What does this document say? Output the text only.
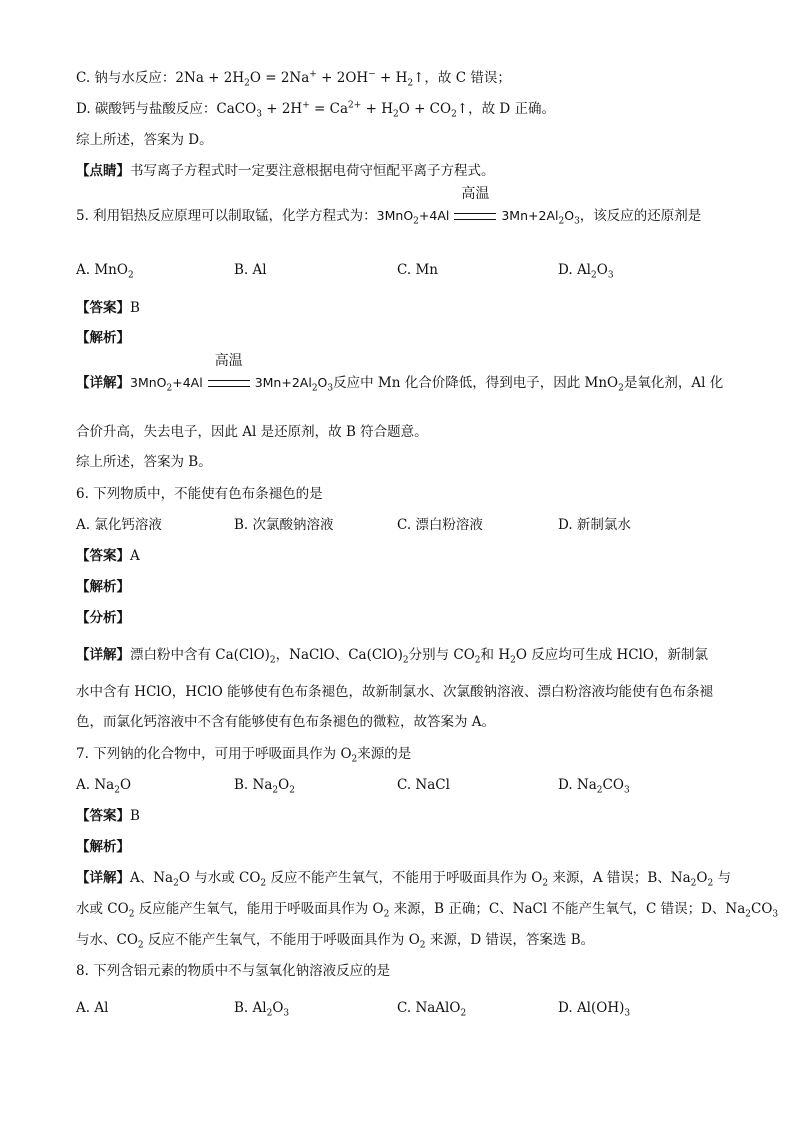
C. 钠与水反应：$2Na + 2H_2O = 2Na^+ + 2OH^-$ + $H_2↑$，故 C 错误；
D. 碳酸钙与盐酸反应：CaCO$_3$ + $2H^+ = Ca^{2+} + H_2O$ + $CO_2↑$，故 D 正确。
综上所述，答案为 D。
【点睛】书写离子方程式时一定要注意根据电荷守恒配平离子方程式。
5. 利用铝热反应原理可以制取锰，化学方程式为：3MnO$_2$+4Al
高温
$3Mn+2Al_2O_3$，该反应的还原剂是
A. MnO$_2$	B. Al	C. Mn	D. $Al_2O_3$
【答案】B
【解析】
【详解】3MnO$_2$+4Al
高温
$3Mn+2Al_2O_3$反应中 Mn 化合价降低，得到电子，因此 MnO$_2$是氧化剂，Al 化
合价升高，失去电子，因此 Al 是还原剂，故 B 符合题意。
综上所述，答案为 B。
6. 下列物质中，不能使有色布条褪色的是
A. 氯化钙溶液	B. 次氯酸钠溶液	C. 漂白粉溶液	D. 新制氯水
【答案】A
【解析】
【分析】
【详解】漂白粉中含有 $Ca(ClO)_2$，NaClO、$Ca(ClO)_2$分别与 $CO_2$和 $H_2O$ 反应均可生成 HClO，新制氯
水中含有 HClO，HClO 能够使有色布条褪色，故新制氯水、次氯酸钠溶液、漂白粉溶液均能使有色布条褪
色，而氯化钙溶液中不含有能够使有色布条褪色的微粒，故答案为 A。
7. 下列钠的化合物中，可用于呼吸面具作为 $O_2$来源的是
A. $Na_2O$	B. $Na_2O_2$	C. NaCl	D. $Na_2CO_3$
【答案】B
【解析】
【详解】A、$Na_2O$ 与水或 $CO_2$ 反应不能产生氧气，不能用于呼吸面具作为 $O_2$ 来源，A 错误；B、$Na_2O_2$ 与
水或 $CO_2$ 反应能产生氧气，能用于呼吸面具作为 $O_2$ 来源，B 正确；C、NaCl 不能产生氧气，C 错误；D、$Na_2CO_3$
与水、$CO_2$ 反应不能产生氧气，不能用于呼吸面具作为 $O_2$ 来源，D 错误，答案选 B。
8. 下列含铝元素的物质中不与氢氧化钠溶液反应的是
A. Al	B. $Al_2O_3$	C. NaAlO$_2$	D. $Al(OH)_3$
